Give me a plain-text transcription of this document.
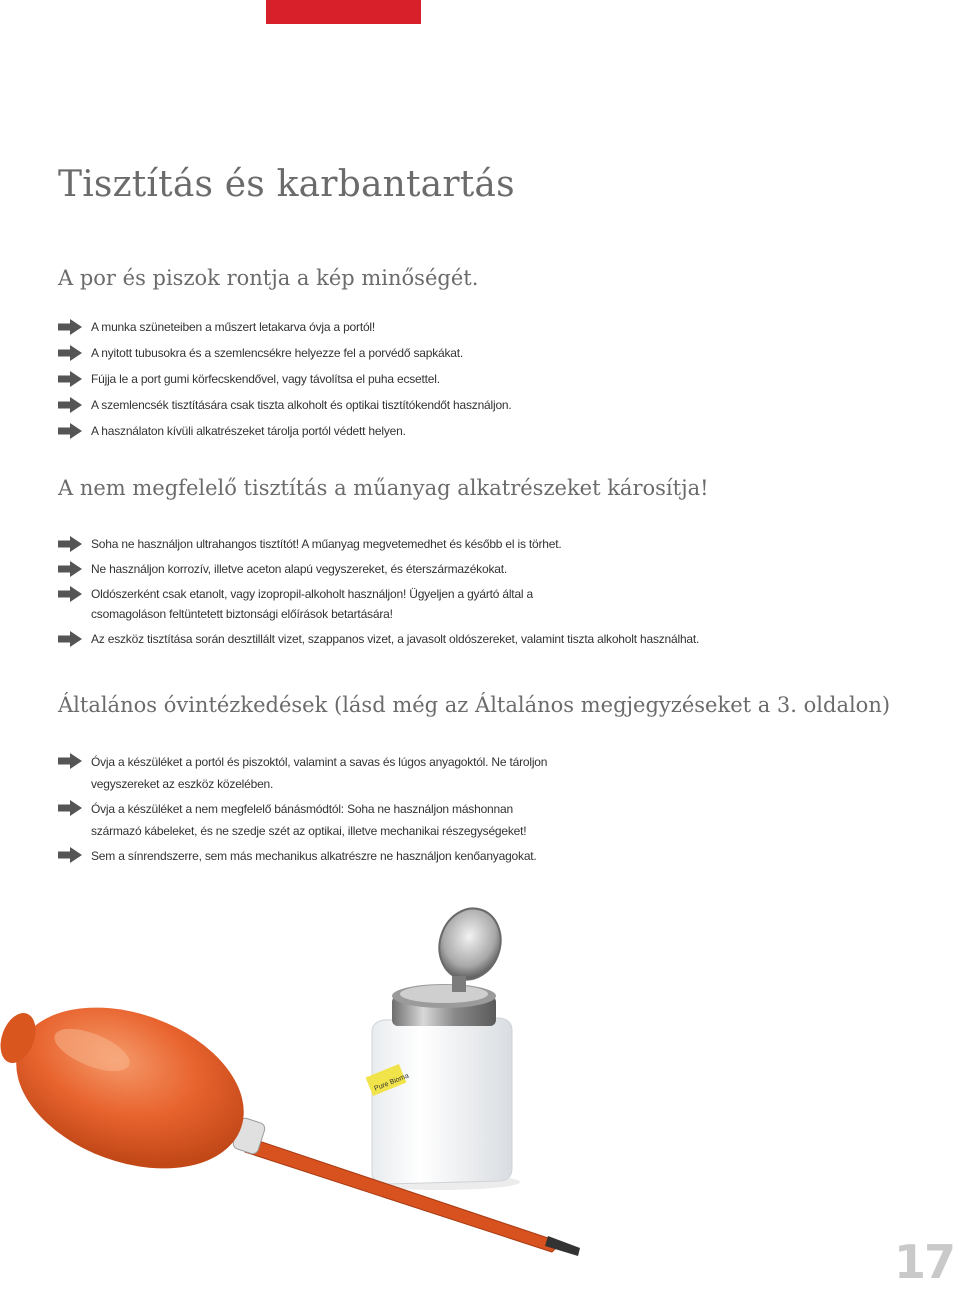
Tisztítás és karbantartás
A por és piszok rontja a kép minőségét.
A munka szüneteiben a műszert letakarva óvja a portól!
A nyitott tubusokra és a szemlencsékre helyezze fel a porvédő sapkákat.
Fújja le a port gumi körfecskendővel, vagy távolítsa el puha ecsettel.
A szemlencsék tisztítására csak tiszta alkoholt és optikai tisztítókendőt használjon.
A használaton kívüli alkatrészeket tárolja portól védett helyen.
A nem megfelelő tisztítás a műanyag alkatrészeket károsítja!
Soha ne használjon ultrahangos tisztítót! A műanyag megvetemedhet és később el is törhet.
Ne használjon korrozív, illetve aceton alapú vegyszereket, és éterszármazékokat.
Oldószerként csak etanolt, vagy izopropil-alkoholt használjon! Ügyeljen a gyártó által a csomagoláson feltüntetett biztonsági előírások betartására!
Az eszköz tisztítása során desztillált vizet, szappanos vizet, a javasolt oldószereket, valamint tiszta alkoholt használhat.
Általános óvintézkedések (lásd még az Általános megjegyzéseket a 3. oldalon)
Óvja a készüléket a portól és piszoktól, valamint a savas és lúgos anyagoktól. Ne tároljon vegyszereket az eszköz közelében.
Óvja a készüléket a nem megfelelő bánásmódtól: Soha ne használjon máshonnan származó kábeleket, és ne szedje szét az optikai, illetve mechanikai részegységeket!
Sem a sínrendszerre, sem más mechanikus alkatrészre ne használjon kenőanyagokat.
Pure Bioma
17
